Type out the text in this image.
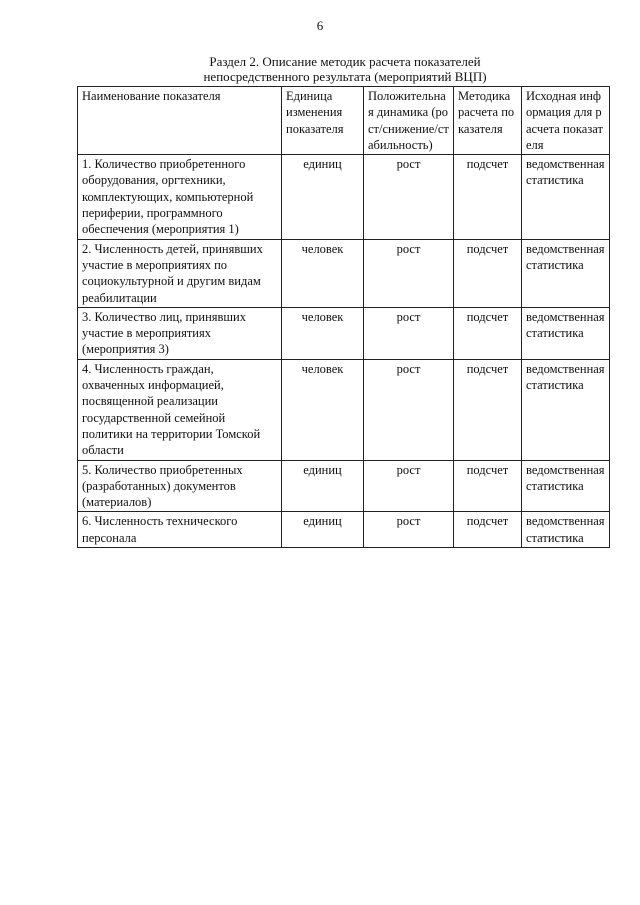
6
Раздел 2. Описание методик расчета показателей
непосредственного результата (мероприятий ВЦП)
Наименование показателя	Единица изменения показателя	Положительная динамика (рост/снижение/стабильность)	Методика расчета показателя	Исходная информация для расчета показателя
1. Количество приобретенного оборудования, оргтехники, комплектующих, компьютерной периферии, программного обеспечения (мероприятия 1)	единиц	рост	подсчет	ведомственная статистика
2. Численность детей, принявших участие в мероприятиях по социокультурной и другим видам реабилитации	человек	рост	подсчет	ведомственная статистика
3. Количество лиц, принявших участие в мероприятиях (мероприятия 3)	человек	рост	подсчет	ведомственная статистика
4. Численность граждан, охваченных информацией, посвященной реализации государственной семейной политики на территории Томской области	человек	рост	подсчет	ведомственная статистика
5. Количество приобретенных (разработанных) документов (материалов)	единиц	рост	подсчет	ведомственная статистика
6. Численность технического персонала	единиц	рост	подсчет	ведомственная статистика
